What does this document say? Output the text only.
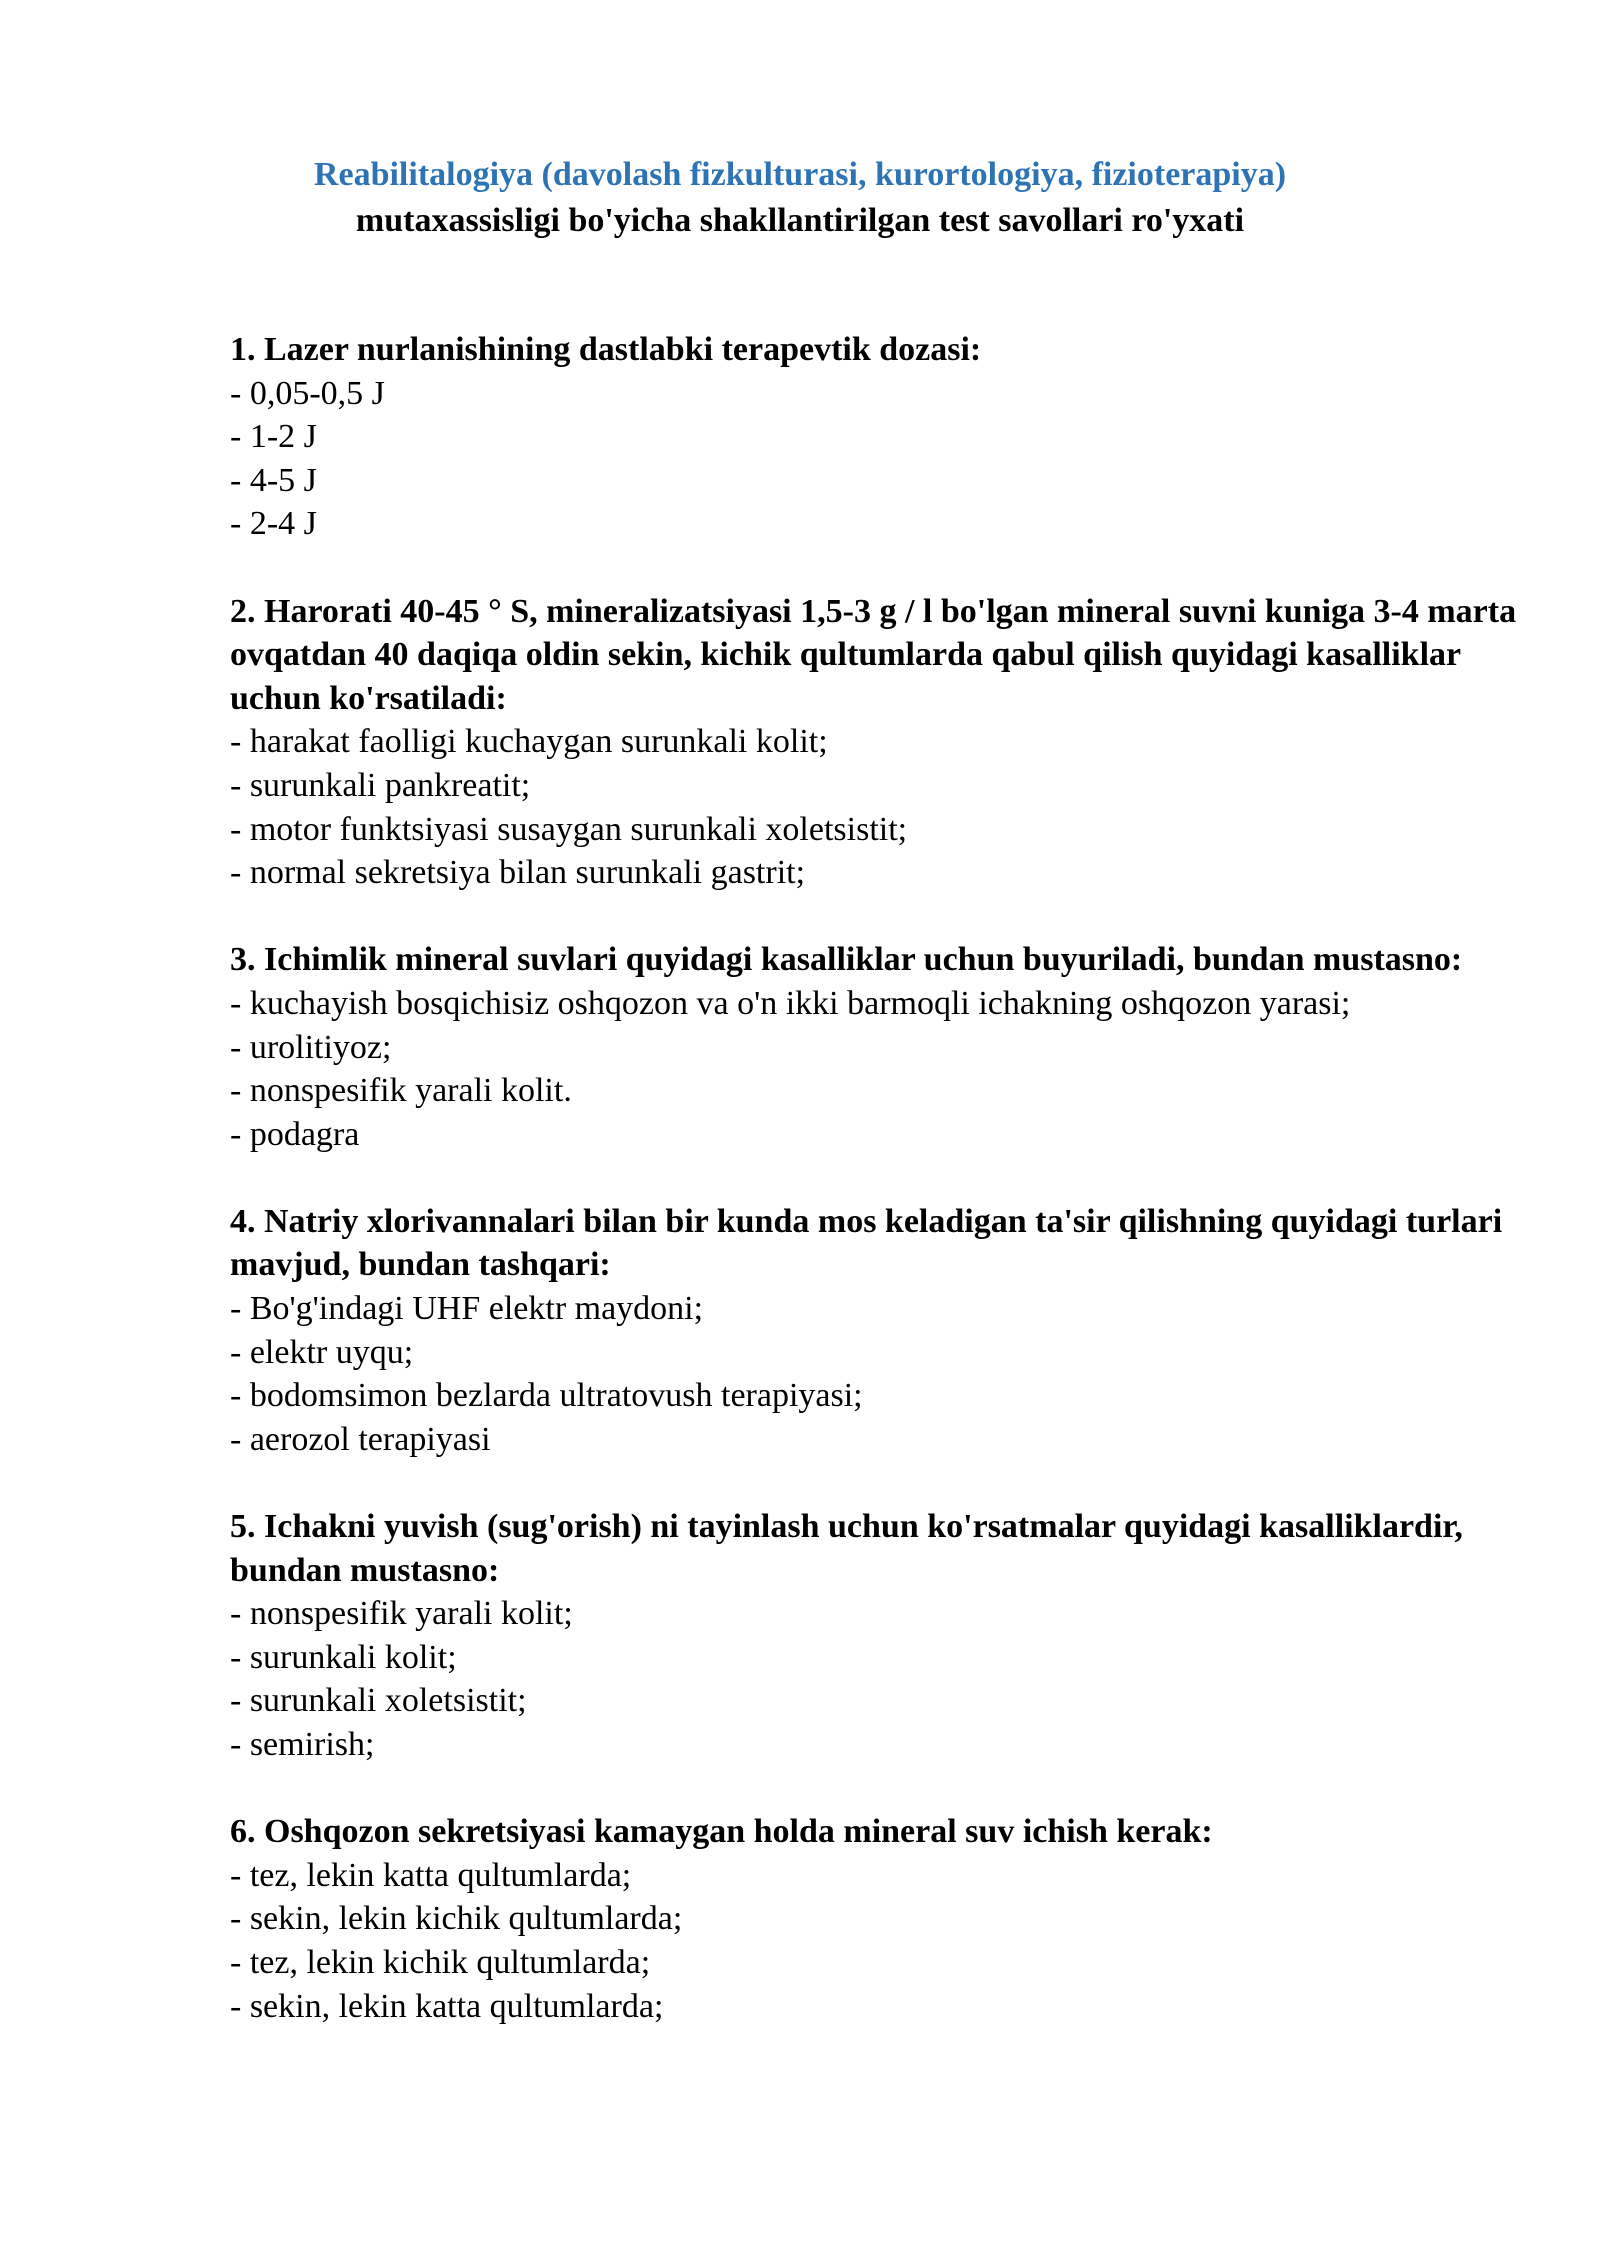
Reabilitalogiya (davolash fizkulturasi, kurortologiya, fizioterapiya)
mutaxassisligi bo'yicha shakllantirilgan test savollari ro'yxati
1. Lazer nurlanishining dastlabki terapevtik dozasi:
- 0,05-0,5 J
- 1-2 J
- 4-5 J
- 2-4 J
2. Harorati 40-45 ° S, mineralizatsiyasi 1,5-3 g / l bo'lgan mineral suvni kuniga 3-4 marta ovqatdan 40 daqiqa oldin sekin, kichik qultumlarda qabul qilish quyidagi kasalliklar uchun ko'rsatiladi:
- harakat faolligi kuchaygan surunkali kolit;
- surunkali pankreatit;
- motor funktsiyasi susaygan surunkali xoletsistit;
- normal sekretsiya bilan surunkali gastrit;
3. Ichimlik mineral suvlari quyidagi kasalliklar uchun buyuriladi, bundan mustasno:
- kuchayish bosqichisiz oshqozon va o'n ikki barmoqli ichakning oshqozon yarasi;
- urolitiyoz;
- nonspesifik yarali kolit.
- podagra
4. Natriy xlorivannalari bilan bir kunda mos keladigan ta'sir qilishning quyidagi turlari mavjud, bundan tashqari:
- Bo'g'indagi UHF elektr maydoni;
- elektr uyqu;
- bodomsimon bezlarda ultratovush terapiyasi;
- aerozol terapiyasi
5. Ichakni yuvish (sug'orish) ni tayinlash uchun ko'rsatmalar quyidagi kasalliklardir, bundan mustasno:
- nonspesifik yarali kolit;
- surunkali kolit;
- surunkali xoletsistit;
- semirish;
6. Oshqozon sekretsiyasi kamaygan holda mineral suv ichish kerak:
- tez, lekin katta qultumlarda;
- sekin, lekin kichik qultumlarda;
- tez, lekin kichik qultumlarda;
- sekin, lekin katta qultumlarda;
